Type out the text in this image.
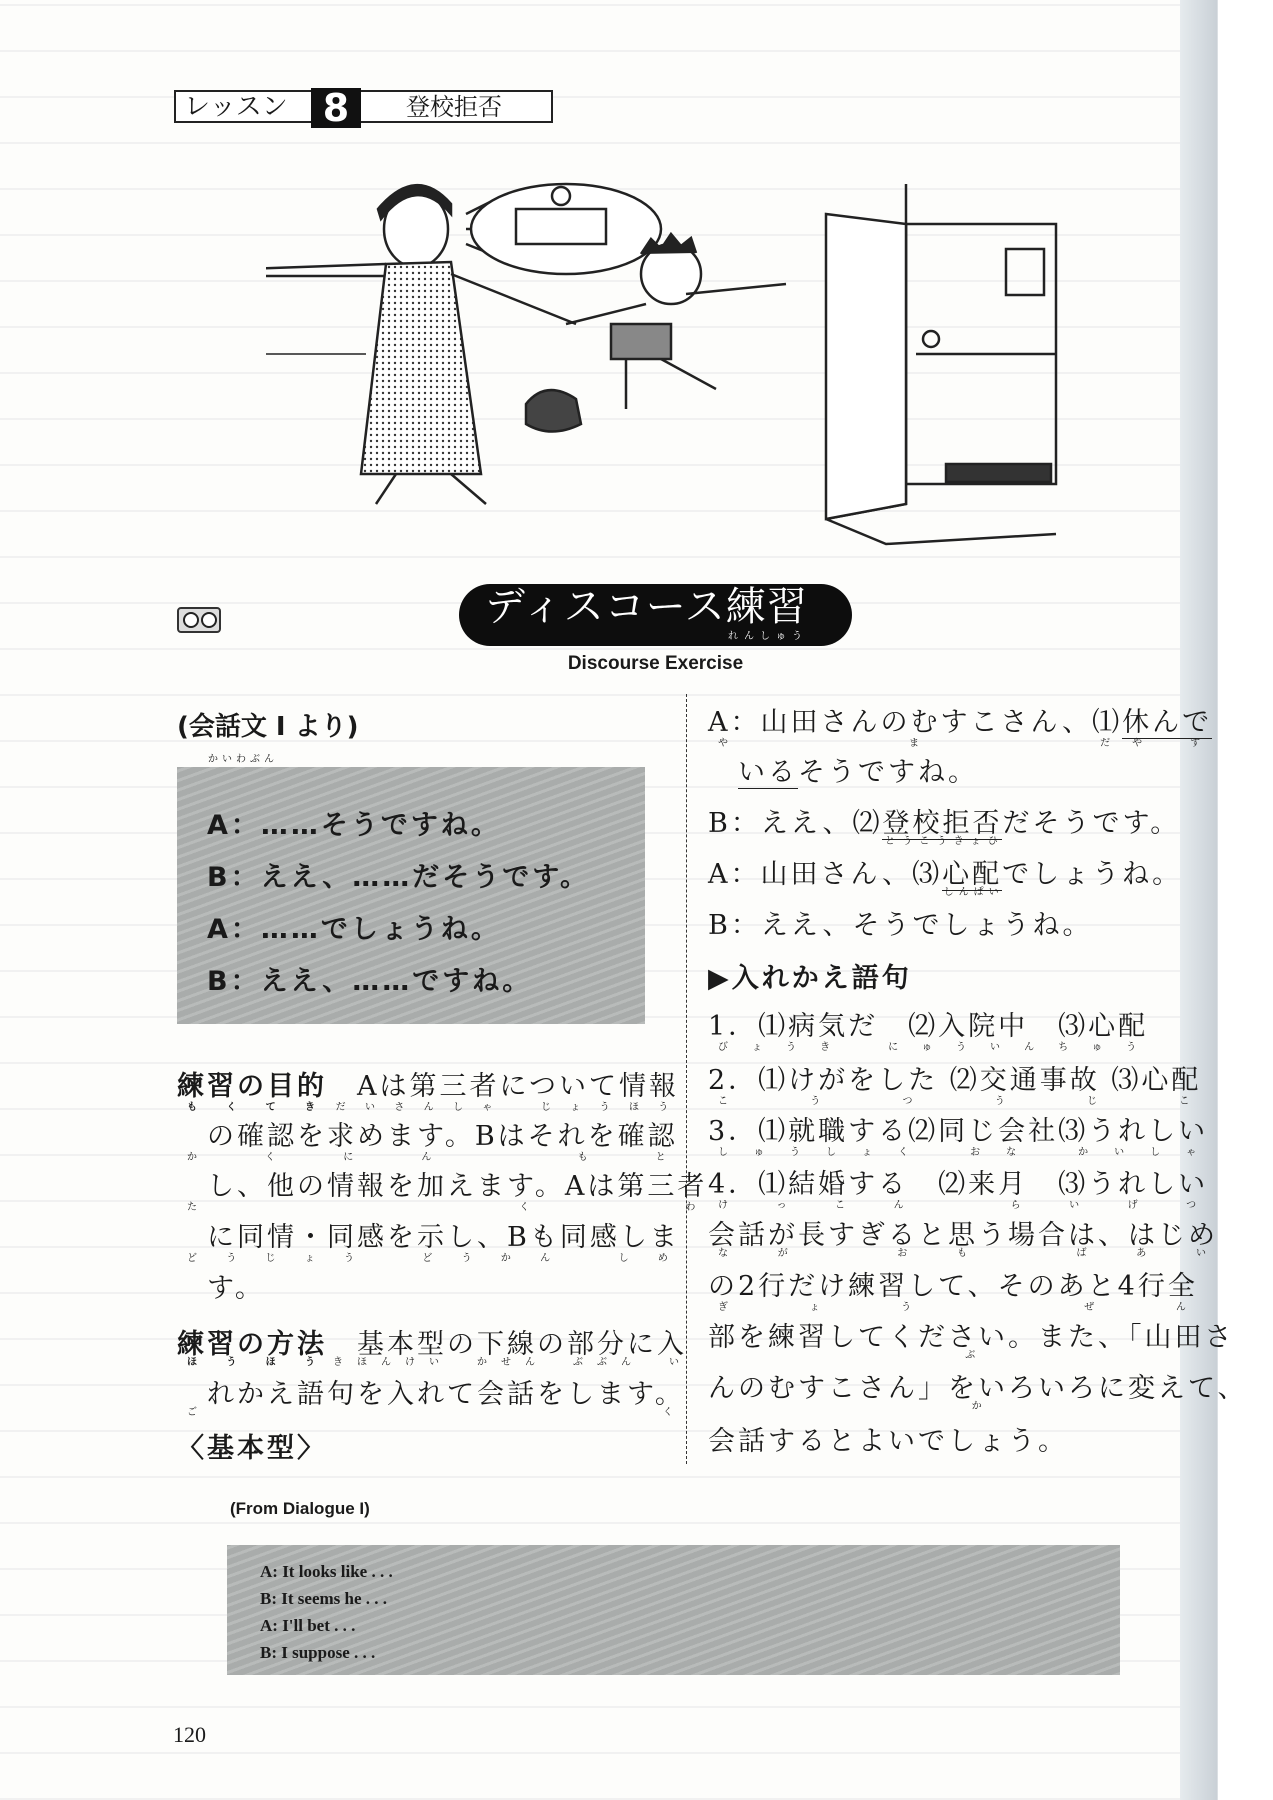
レッスン 8	登校拒否
ディスコース練習
れんしゅう
Discourse Exercise
(会話文 I より)
かいわぶん
A：……そうですね。
B：ええ、……だそうです。
A：……でしょうね。
B：ええ、……ですね。
練習の目的もくてき　Aは第三者について情報だいさんしゃ　じょうほう
　の確認を求めます。Bはそれを確認かくにん　もと
　し、他の情報を加えます。Aは第三者た　くわ
　に同情・同感を示し、Bも同感しまどうじょう　どうかん　しめ
　す。
練習の方法ほうほう　基本型の下線の部分に入きほんけい　かせん　ぶぶん　い
　れかえ語句を入れて会話をします。ごく
〈基本型〉
A：山田さんのむすこさん、⑴やまだ休んでやす
　いるそうですね。
B：ええ、⑵登校拒否とうこうきょひだそうです。
A：山田さん、⑶心配しんぱいでしょうね。
B：ええ、そうでしょうね。
▶入れかえ語句
1．⑴病気だ　⑵入院中　⑶心配びょうき　にゅういんちゅう
2．⑴けがをした ⑵交通事故 ⑶心配こうつうじこ
3．⑴就職する⑵同じ会社⑶うれしいしゅうしょく　おな　かいしゃ
4．⑴結婚する　⑵来月　⑶うれしいけっこん　らいげつ
会話が長すぎると思う場合は、はじめなが　おも　ばあい
の2行だけ練習して、そのあと4行全ぎょう　ぜん
部を練習してください。また、「山田さぶ
んのむすこさん」をいろいろに変えて、か
会話するとよいでしょう。
(From Dialogue I)
A: It looks like . . .
B: It seems he . . .
A: I'll bet . . .
B: I suppose . . .
120
